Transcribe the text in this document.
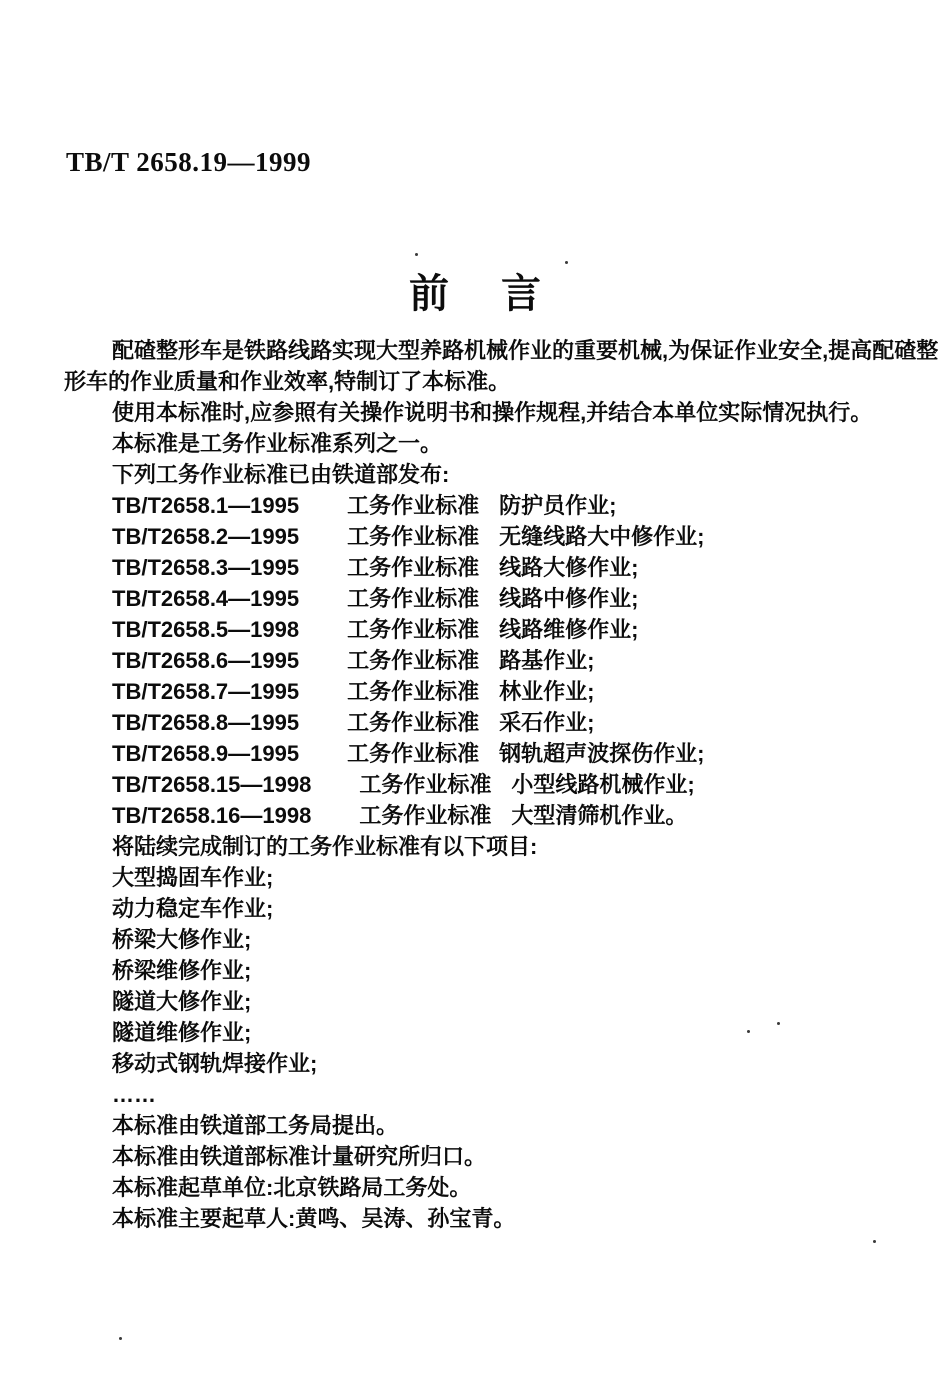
TB/T 2658.19—1999
前言

配碴整形车是铁路线路实现大型养路机械作业的重要机械,为保证作业安全,提高配碴整

形车的作业质量和作业效率,特制订了本标准。

使用本标准时,应参照有关操作说明书和操作规程,并结合本单位实际情况执行。

本标准是工务作业标准系列之一。

下列工务作业标准已由铁道部发布:

TB/T2658.1—1995 工务作业标准 防护员作业;

TB/T2658.2—1995 工务作业标准 无缝线路大中修作业;

TB/T2658.3—1995 工务作业标准 线路大修作业;

TB/T2658.4—1995 工务作业标准 线路中修作业;

TB/T2658.5—1998 工务作业标准 线路维修作业;

TB/T2658.6—1995 工务作业标准 路基作业;

TB/T2658.7—1995 工务作业标准 林业作业;

TB/T2658.8—1995 工务作业标准 采石作业;

TB/T2658.9—1995 工务作业标准 钢轨超声波探伤作业;

TB/T2658.15—1998 工务作业标准 小型线路机械作业;

TB/T2658.16—1998 工务作业标准 大型清筛机作业。

将陆续完成制订的工务作业标准有以下项目:

大型捣固车作业;

动力稳定车作业;

桥梁大修作业;

桥梁维修作业;

隧道大修作业;

隧道维修作业;

移动式钢轨焊接作业;

……

本标准由铁道部工务局提出。

本标准由铁道部标准计量研究所归口。

本标准起草单位:北京铁路局工务处。

本标准主要起草人:黄鸣、吴涛、孙宝青。
